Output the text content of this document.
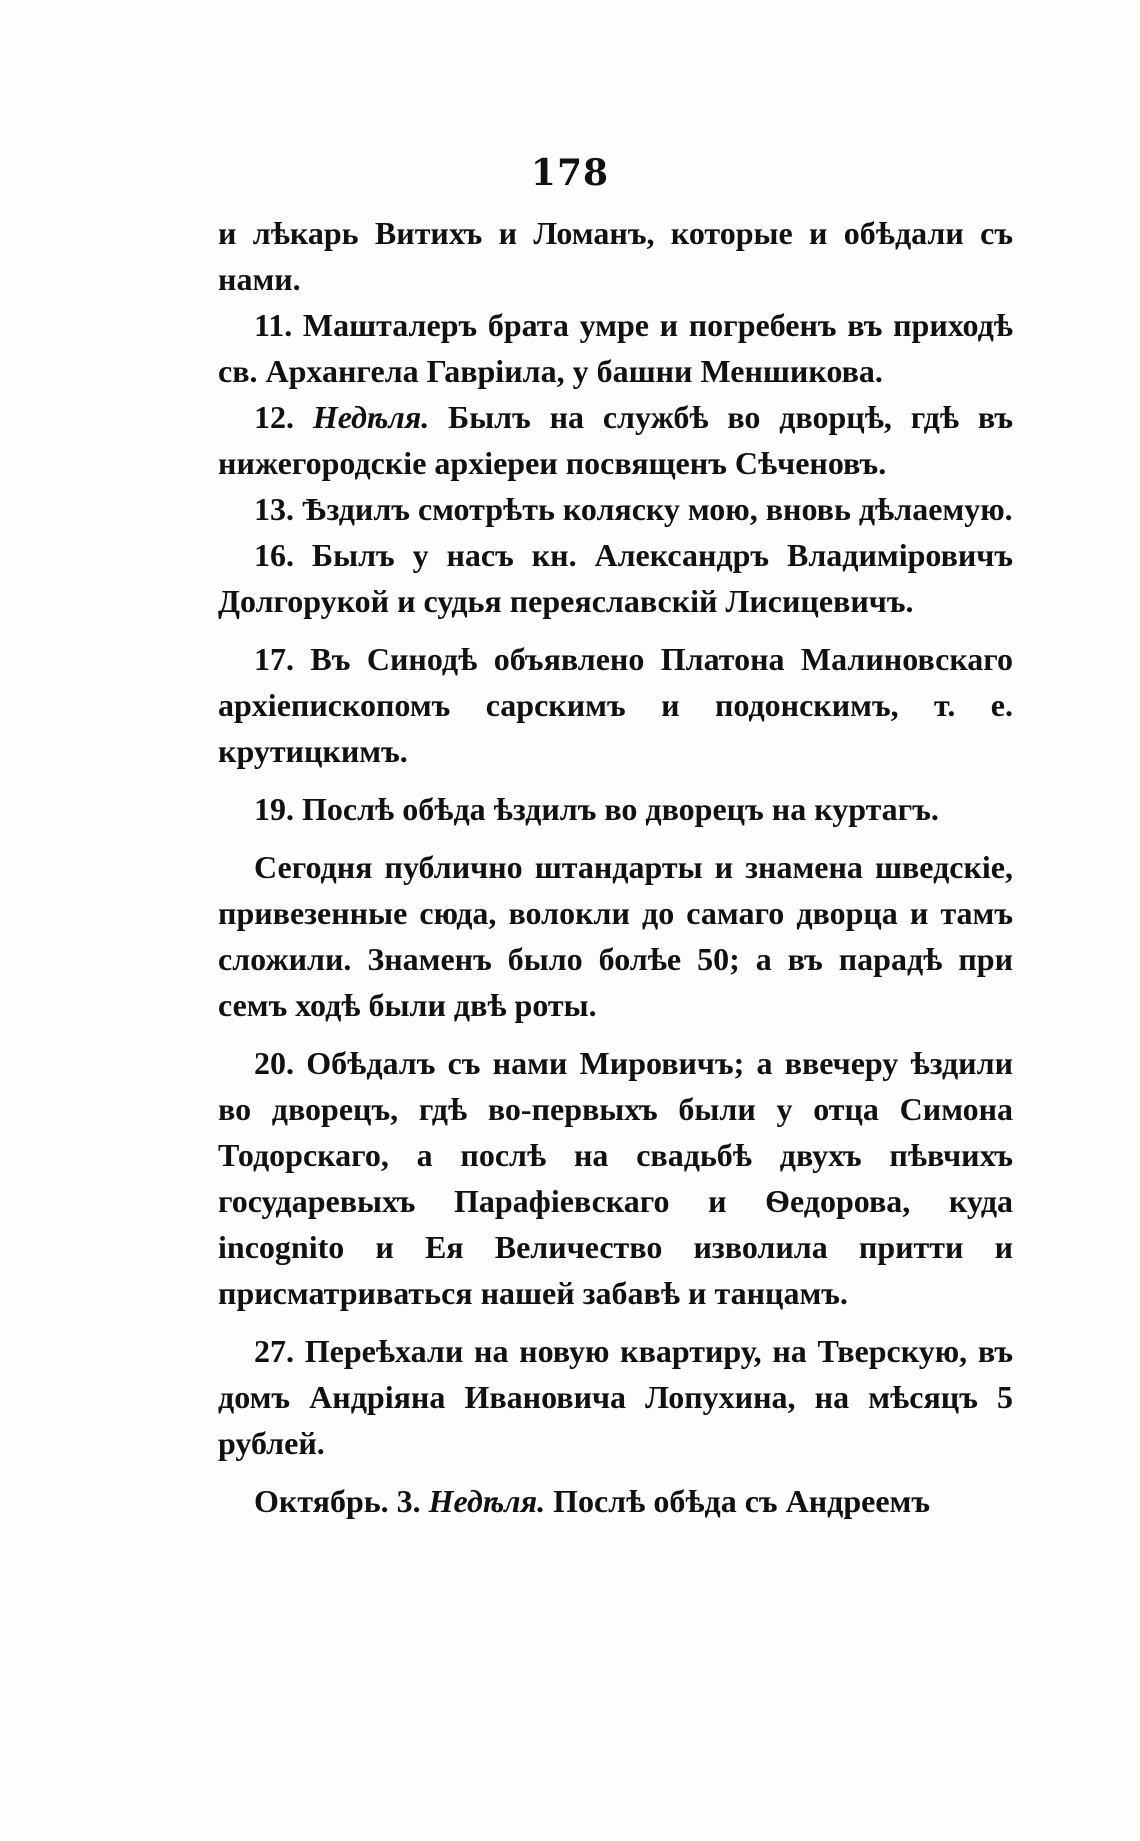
178

и лѣкарь Витихъ и Ломанъ, которые и обѣдали съ нами.

11. Машталеръ брата умре и погребенъ въ приходѣ св. Архангела Гавріила, у башни Меншикова.

12. Недѣля. Былъ на службѣ во дворцѣ, гдѣ въ нижегородскіе архіереи посвященъ Сѣченовъ.

13. Ѣздилъ смотрѣть коляску мою, вновь дѣлаемую.

16. Былъ у насъ кн. Александръ Владиміровичъ Долгорукой и судья переяславскій Лисицевичъ.

17. Въ Синодѣ объявлено Платона Малиновскаго архіепископомъ сарскимъ и подонскимъ, т. е. крутицкимъ.

19. Послѣ обѣда ѣздилъ во дворецъ на куртагъ.

Сегодня публично штандарты и знамена шведскіе, привезенные сюда, волокли до самаго дворца и тамъ сложили. Знаменъ было болѣе 50; а въ парадѣ при семъ ходѣ были двѣ роты.

20. Обѣдалъ съ нами Мировичъ; а ввечеру ѣздили во дворецъ, гдѣ во-первыхъ были у отца Симона Тодорскаго, а послѣ на свадьбѣ двухъ пѣвчихъ государевыхъ Парафіевскаго и Ѳедорова, куда incognito и Ея Величество изволила притти и присматриваться нашей забавѣ и танцамъ.

27. Переѣхали на новую квартиру, на Тверскую, въ домъ Андріяна Ивановича Лопухина, на мѣсяцъ 5 рублей.

Октябрь. 3. Недѣля. Послѣ обѣда съ Андреемъ
